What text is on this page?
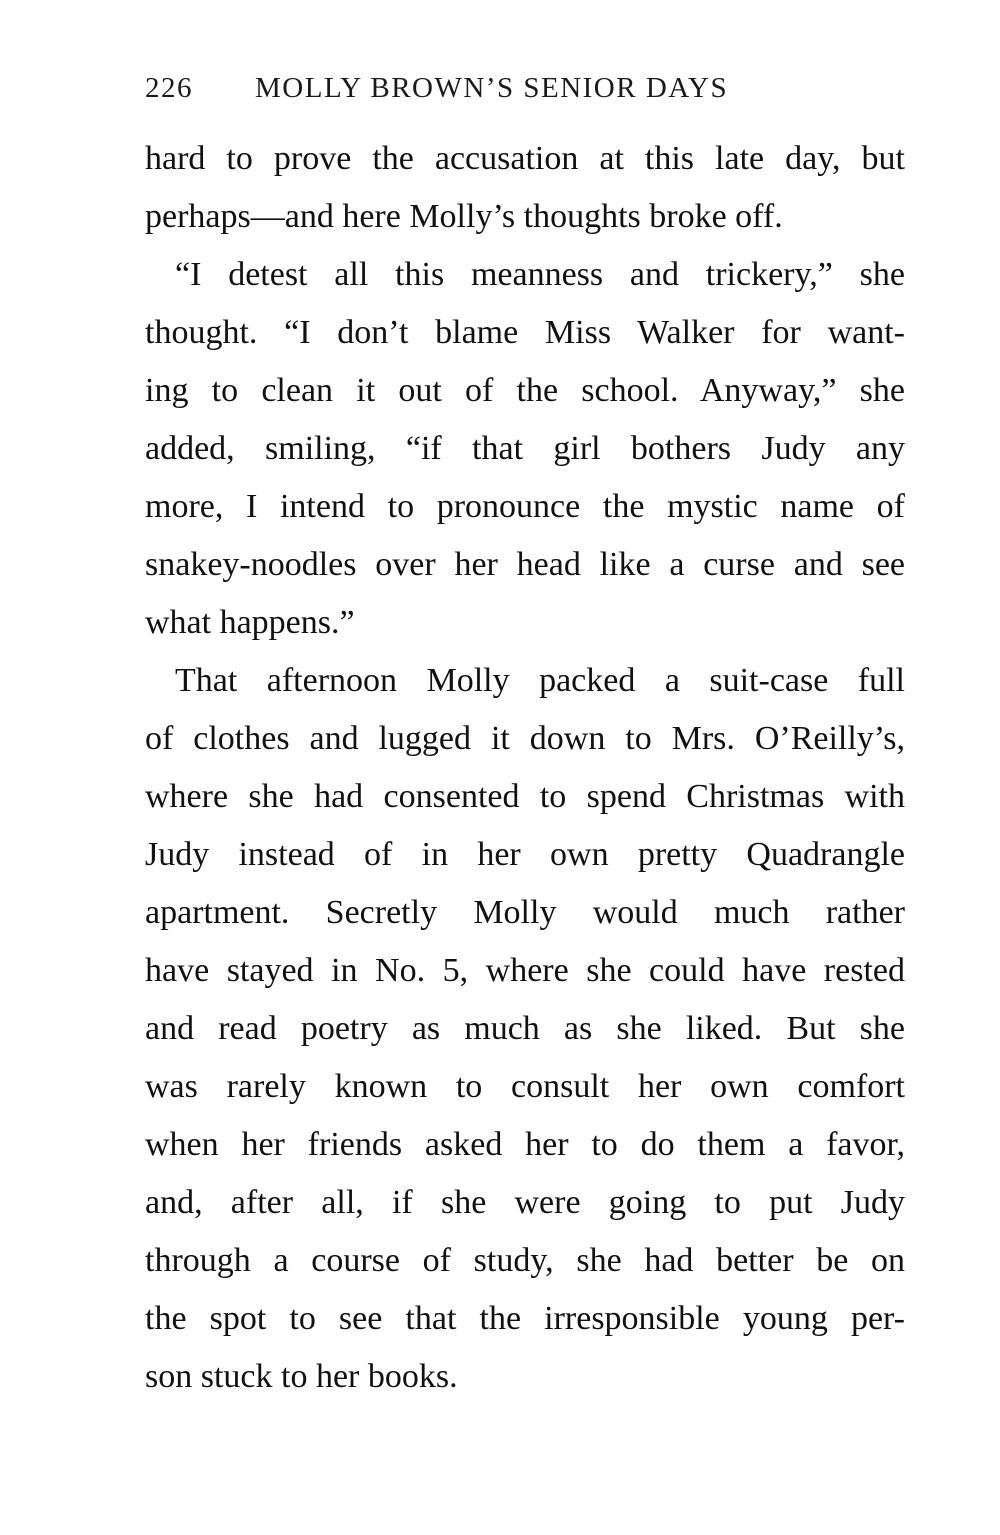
226 MOLLY BROWN’S SENIOR DAYS
hard to prove the accusation at this late day, but
perhaps—and here Molly’s thoughts broke off.
“I detest all this meanness and trickery,” she
thought. “I don’t blame Miss Walker for want-
ing to clean it out of the school. Anyway,” she
added, smiling, “if that girl bothers Judy any
more, I intend to pronounce the mystic name of
snakey-noodles over her head like a curse and see
what happens.”
That afternoon Molly packed a suit-case full
of clothes and lugged it down to Mrs. O’Reilly’s,
where she had consented to spend Christmas with
Judy instead of in her own pretty Quadrangle
apartment. Secretly Molly would much rather
have stayed in No. 5, where she could have rested
and read poetry as much as she liked. But she
was rarely known to consult her own comfort
when her friends asked her to do them a favor,
and, after all, if she were going to put Judy
through a course of study, she had better be on
the spot to see that the irresponsible young per-
son stuck to her books.
